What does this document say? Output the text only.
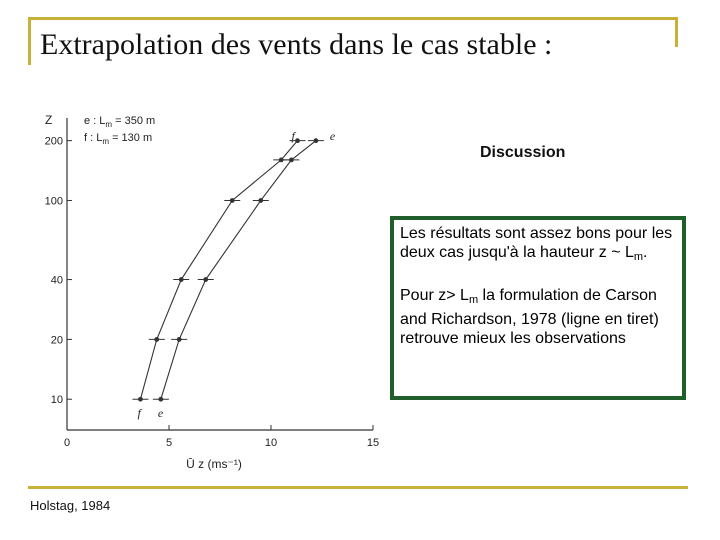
Extrapolation des vents dans le cas stable :
0	5	10	15
10
20
40
100
200
Z
Ū z (ms⁻¹)
f
f
e
e
e : $L_m = 350$ m
f : $L_m = 130$ m
Discussion

Les résultats sont assez bons pour les deux cas jusqu'à la hauteur z ~ $L_m$.

Pour $z> L_m$ la formulation de Carson and Richardson, 1978 (ligne en tiret) retrouve mieux les observations

Holstag, 1984
